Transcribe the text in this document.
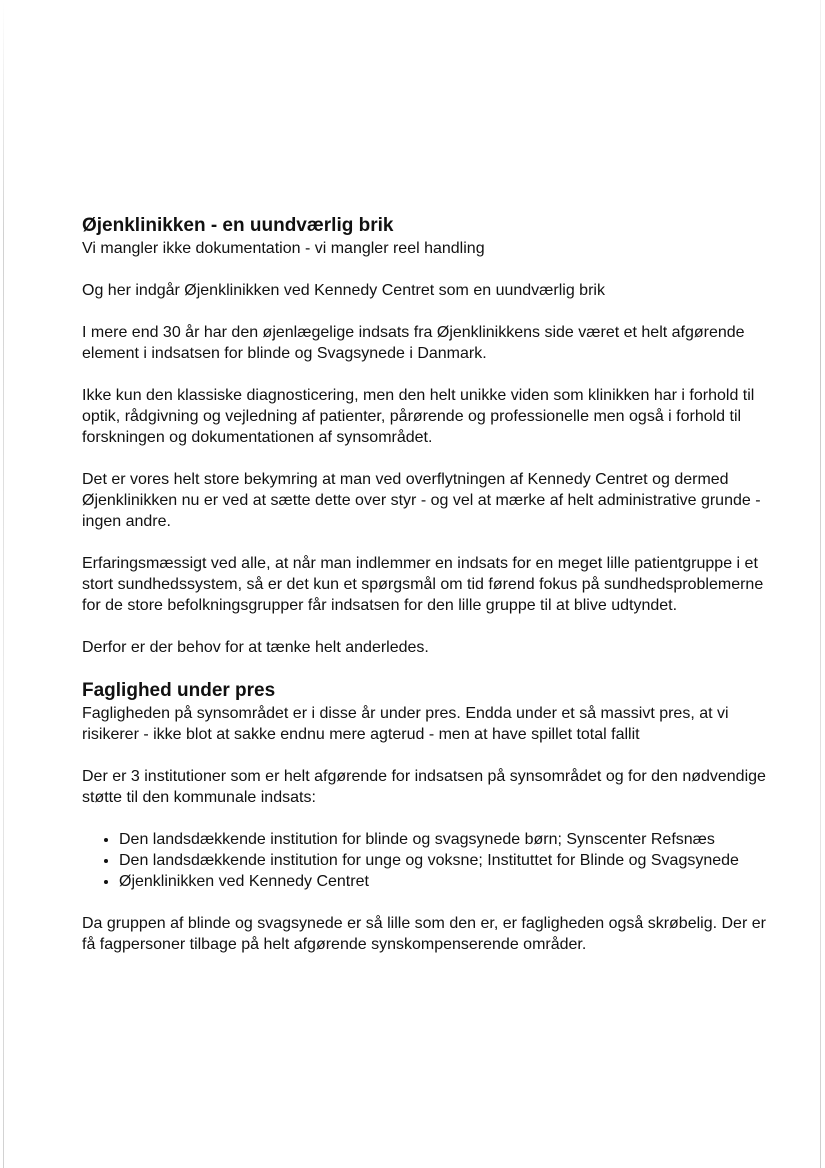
Øjenklinikken - en uundværlig brik

Vi mangler ikke dokumentation - vi mangler reel handling

Og her indgår Øjenklinikken ved Kennedy Centret som en uundværlig brik

I mere end 30 år har den øjenlægelige indsats fra Øjenklinikkens side været et helt afgørende element i indsatsen for blinde og Svagsynede i Danmark.

Ikke kun den klassiske diagnosticering, men den helt unikke viden som klinikken har i forhold til optik, rådgivning og vejledning af patienter, pårørende og professionelle men også i forhold til forskningen og dokumentationen af synsområdet.

Det er vores helt store bekymring at man ved overflytningen af Kennedy Centret og dermed Øjenklinikken nu er ved at sætte dette over styr - og vel at mærke af helt administrative grunde - ingen andre.

Erfaringsmæssigt ved alle, at når man indlemmer en indsats for en meget lille patientgruppe i et stort sundhedssystem, så er det kun et spørgsmål om tid førend fokus på sundhedsproblemerne for de store befolkningsgrupper får indsatsen for den lille gruppe til at blive udtyndet.

Derfor er der behov for at tænke helt anderledes.

Faglighed under pres

Fagligheden på synsområdet er i disse år under pres. Endda under et så massivt pres, at vi risikerer - ikke blot at sakke endnu mere agterud - men at have spillet total fallit

Der er 3 institutioner som er helt afgørende for indsatsen på synsområdet og for den nødvendige støtte til den kommunale indsats:

• Den landsdækkende institution for blinde og svagsynede børn; Synscenter Refsnæs
• Den landsdækkende institution for unge og voksne; Instituttet for Blinde og Svagsynede
• Øjenklinikken ved Kennedy Centret

Da gruppen af blinde og svagsynede er så lille som den er, er fagligheden også skrøbelig. Der er få fagpersoner tilbage på helt afgørende synskompenserende områder.
